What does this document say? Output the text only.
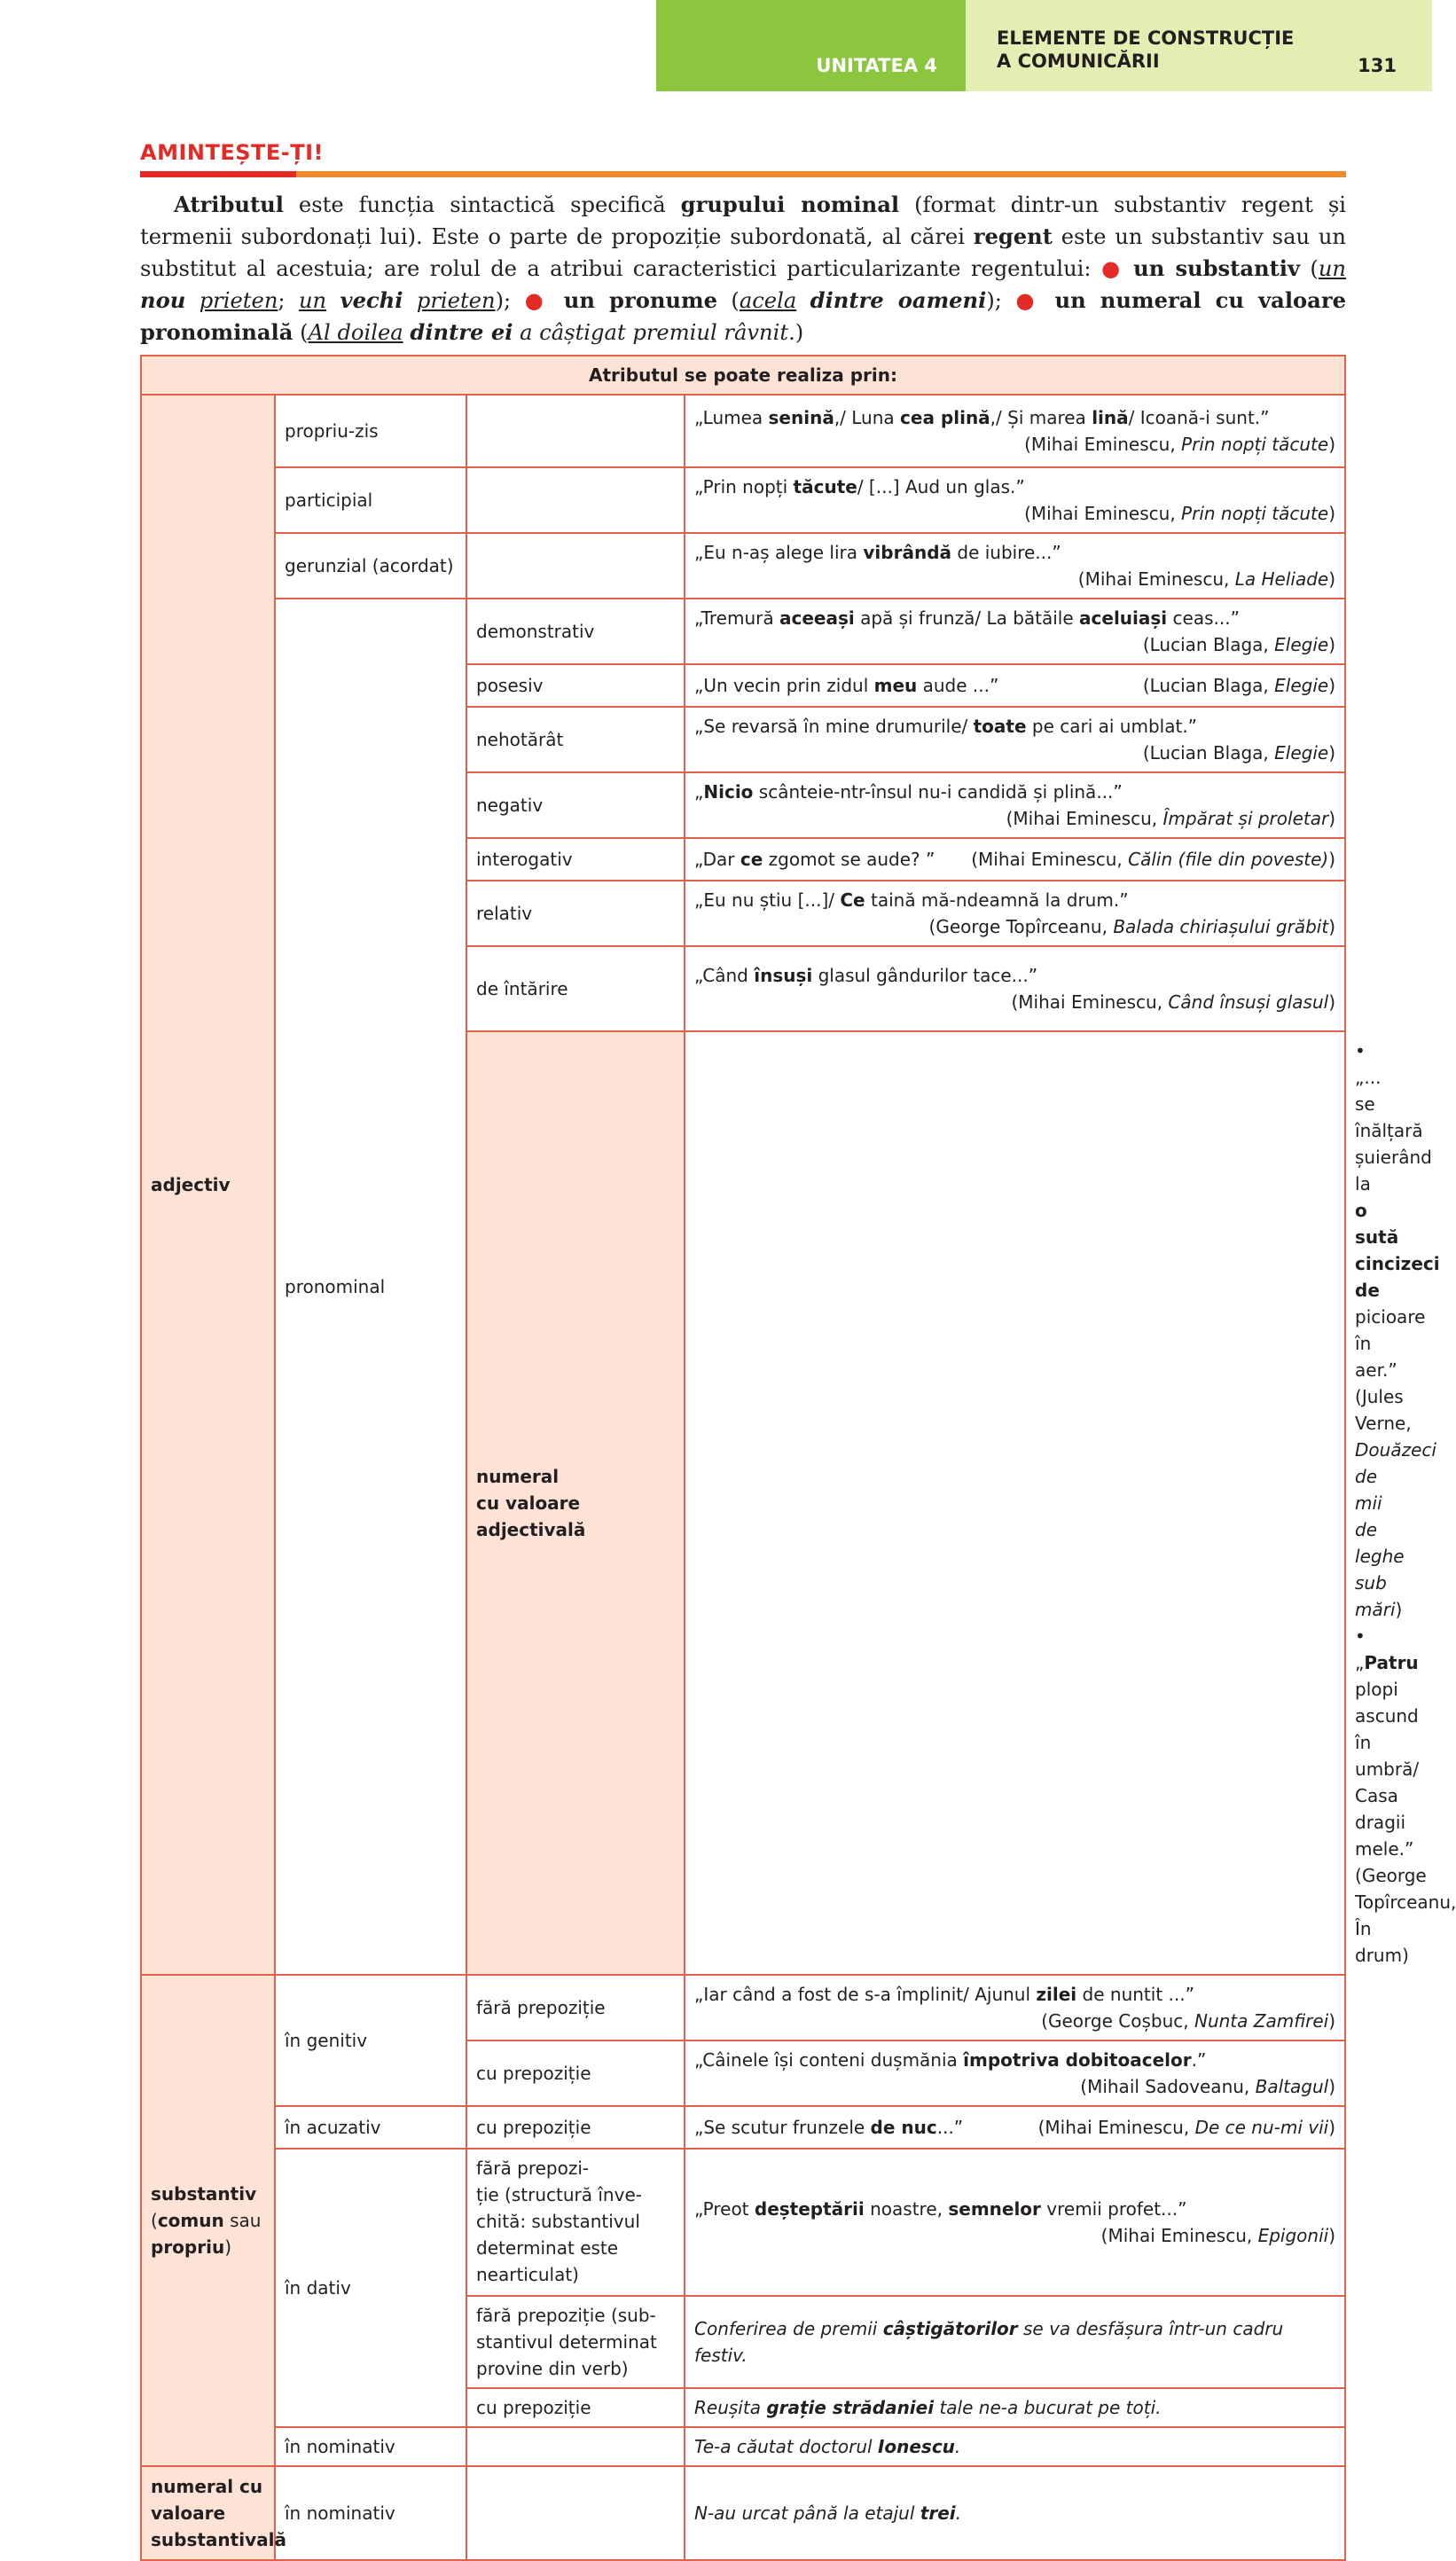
UNITATEA 4
ELEMENTE DE CONSTRUCȚIE
A COMUNICĂRII	131
AMINTEȘTE-ȚI!
Atributul este funcția sintactică specifică grupului nominal (format dintr-un substantiv regent și termenii subordonați lui). Este o parte de propoziție subordonată, al cărei regent este un substantiv sau un substitut al acestuia; are rolul de a atribui caracteristici particularizante regentului: ● un substantiv (un nou prieten; un vechi prieten); ● un pronume (acela dintre oameni); ● un numeral cu valoare pronominală (Al doilea dintre ei a câștigat premiul râvnit.)
Atributul se poate realiza prin:				
adjectiv	propriu-zis		„Lumea senină,/ Luna cea plină,/ Și marea lină/ Icoană-i sunt.”
(Mihai Eminescu, Prin nopți tăcute)	

	participial		„Prin nopți tăcute/ [...] Aud un glas.”
(Mihai Eminescu, Prin nopți tăcute)	

	gerunzial (acordat)		„Eu n-aș alege lira vibrândă de iubire...”
(Mihai Eminescu, La Heliade)	

	pronominal	demonstrativ	„Tremură aceeași apă și frunză/ La bătăile aceluiași ceas...”
(Lucian Blaga, Elegie)	

		posesiv	„Un vecin prin zidul meu aude ...” (Lucian Blaga, Elegie)	

		nehotărât	„Se revarsă în mine drumurile/ toate pe cari ai umblat.”
(Lucian Blaga, Elegie)	

		negativ	„Nicio scânteie-ntr-însul nu-i candidă și plină...”
(Mihai Eminescu, Împărat și proletar)	

		interogativ	„Dar ce zgomot se aude? ” (Mihai Eminescu, Călin (file din poveste))	

		relativ	„Eu nu știu [...]/ Ce taină mă-ndeamnă la drum.”
(George Topîrceanu, Balada chiriașului grăbit)	

		de întărire	„Când însuși glasul gândurilor tace...”
(Mihai Eminescu, Când însuși glasul)	

		numeral
cu valoare
adjectivală			• „... se înălțară șuierând la o sută cincizeci de picioare în aer.”
(Jules Verne, Douăzeci de mii de leghe sub mări)
• „Patru plopi ascund în umbră/ Casa dragii mele.”
(George Topîrceanu, În drum)

substantiv
(comun sau
propriu)	în genitiv	fără prepoziție	„Iar când a fost de s-a împlinit/ Ajunul zilei de nuntit ...”
(George Coșbuc, Nunta Zamfirei)	

		cu prepoziție	„Câinele își conteni dușmănia împotriva dobitoacelor.”
(Mihail Sadoveanu, Baltagul)	

	în acuzativ	cu prepoziție	„Se scutur frunzele de nuc...” (Mihai Eminescu, De ce nu-mi vii)	

	în dativ	fără prepozi-
ție (structură înve-
chită: substantivul
determinat este
nearticulat)	„Preot deșteptării noastre, semnelor vremii profet...”
(Mihai Eminescu, Epigonii)	

		fără prepoziție (sub-
stantivul determinat
provine din verb)	Conferirea de premii câștigătorilor se va desfășura într-un cadru festiv.	
		cu prepoziție	Reușita grație strădaniei tale ne-a bucurat pe toți.	
	în nominativ		Te-a căutat doctorul Ionescu.	
numeral cu
valoare
substantivală	în nominativ		N-au urcat până la etajul trei.	
